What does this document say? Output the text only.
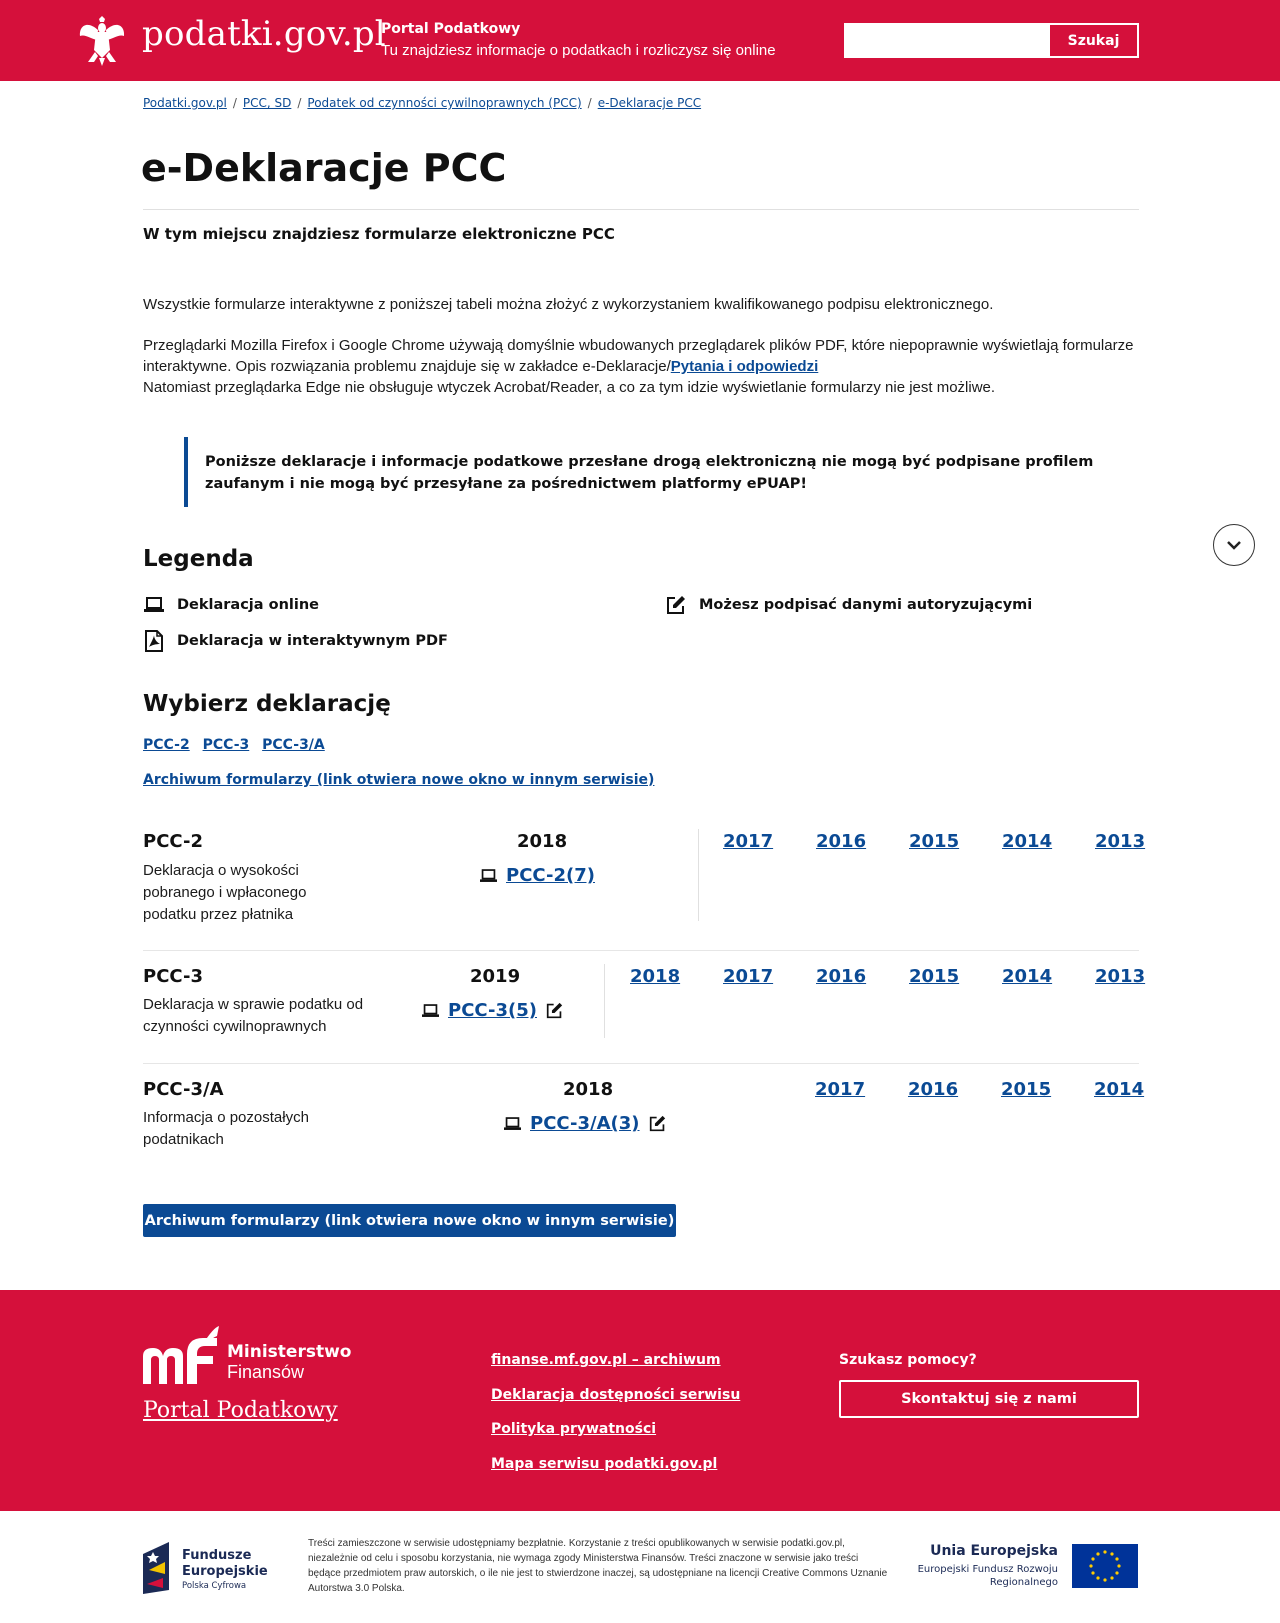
podatki.gov.pl
Portal Podatkowy
Tu znajdziesz informacje o podatkach i rozliczysz się online
Szukaj
Podatki.gov.pl / PCC, SD / Podatek od czynności cywilnoprawnych (PCC) / e-Deklaracje PCC
e-Deklaracje PCC
W tym miejscu znajdziesz formularze elektroniczne PCC

Wszystkie formularze interaktywne z poniższej tabeli można złożyć z wykorzystaniem kwalifikowanego podpisu elektronicznego.

Przeglądarki Mozilla Firefox i Google Chrome używają domyślnie wbudowanych przeglądarek plików PDF, które niepoprawnie wyświetlają formularze interaktywne. Opis rozwiązania problemu znajduje się w zakładce e-Deklaracje/Pytania i odpowiedzi
Natomiast przeglądarka Edge nie obsługuje wtyczek Acrobat/Reader, a co za tym idzie wyświetlanie formularzy nie jest możliwe.

Poniższe deklaracje i informacje podatkowe przesłane drogą elektroniczną nie mogą być podpisane profilem zaufanym i nie mogą być przesyłane za pośrednictwem platformy ePUAP!
Legenda
Deklaracja online
Deklaracja w interaktywnym PDF
Możesz podpisać danymi autoryzującymi
Wybierz deklarację
PCC-2 PCC-3 PCC-3/A
Archiwum formularzy (link otwiera nowe okno w innym serwisie)
PCC-2
Deklaracja o wysokości pobranego i wpłaconego podatku przez płatnika
2018
PCC-2(7)
2017 2016 2015 2014 2013
PCC-3
Deklaracja w sprawie podatku od czynności cywilnoprawnych
2019
PCC-3(5)
2018 2017 2016 2015 2014 2013
PCC-3/A
Informacja o pozostałych podatnikach
2018
PCC-3/A(3)
2017 2016 2015 2014
Archiwum formularzy (link otwiera nowe okno w innym serwisie)
Ministerstwo
Finansów
Portal Podatkowy
finanse.mf.gov.pl – archiwum
Deklaracja dostępności serwisu
Polityka prywatności
Mapa serwisu podatki.gov.pl
Szukasz pomocy?
Skontaktuj się z nami
Fundusze
Europejskie
Polska Cyfrowa

Treści zamieszczone w serwisie udostępniamy bezpłatnie. Korzystanie z treści opublikowanych w serwisie podatki.gov.pl, niezależnie od celu i sposobu korzystania, nie wymaga zgody Ministerstwa Finansów. Treści znaczone w serwisie jako treści będące przedmiotem praw autorskich, o ile nie jest to stwierdzone inaczej, są udostępniane na licencji Creative Commons Uznanie Autorstwa 3.0 Polska.

Unia Europejska
Europejski Fundusz Rozwoju Regionalnego
